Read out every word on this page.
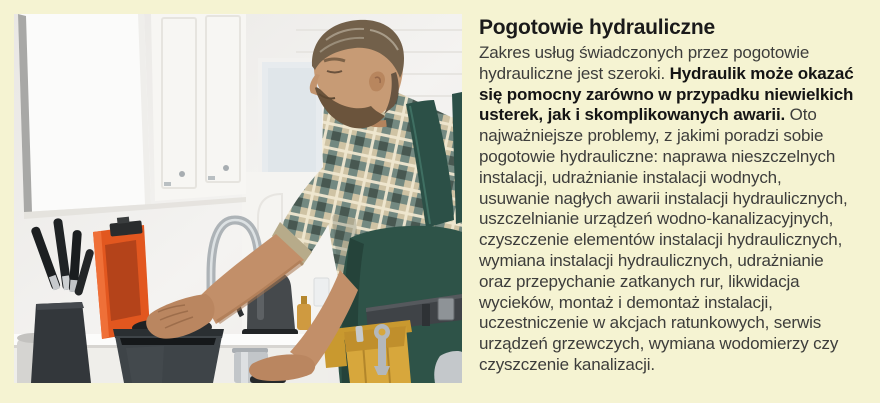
Pogotowie hydrauliczne
Zakres usług świadczonych przez pogotowie
hydrauliczne jest szeroki. Hydraulik może okazać
się pomocny zarówno w przypadku niewielkich
usterek, jak i skomplikowanych awarii. Oto
najważniejsze problemy, z jakimi poradzi sobie
pogotowie hydrauliczne: naprawa nieszczelnych
instalacji, udrażnianie instalacji wodnych,
usuwanie nagłych awarii instalacji hydraulicznych,
uszczelnianie urządzeń wodno-kanalizacyjnych,
czyszczenie elementów instalacji hydraulicznych,
wymiana instalacji hydraulicznych, udrażnianie
oraz przepychanie zatkanych rur, likwidacja
wycieków, montaż i demontaż instalacji,
uczestniczenie w akcjach ratunkowych, serwis
urządzeń grzewczych, wymiana wodomierzy czy
czyszczenie kanalizacji.
